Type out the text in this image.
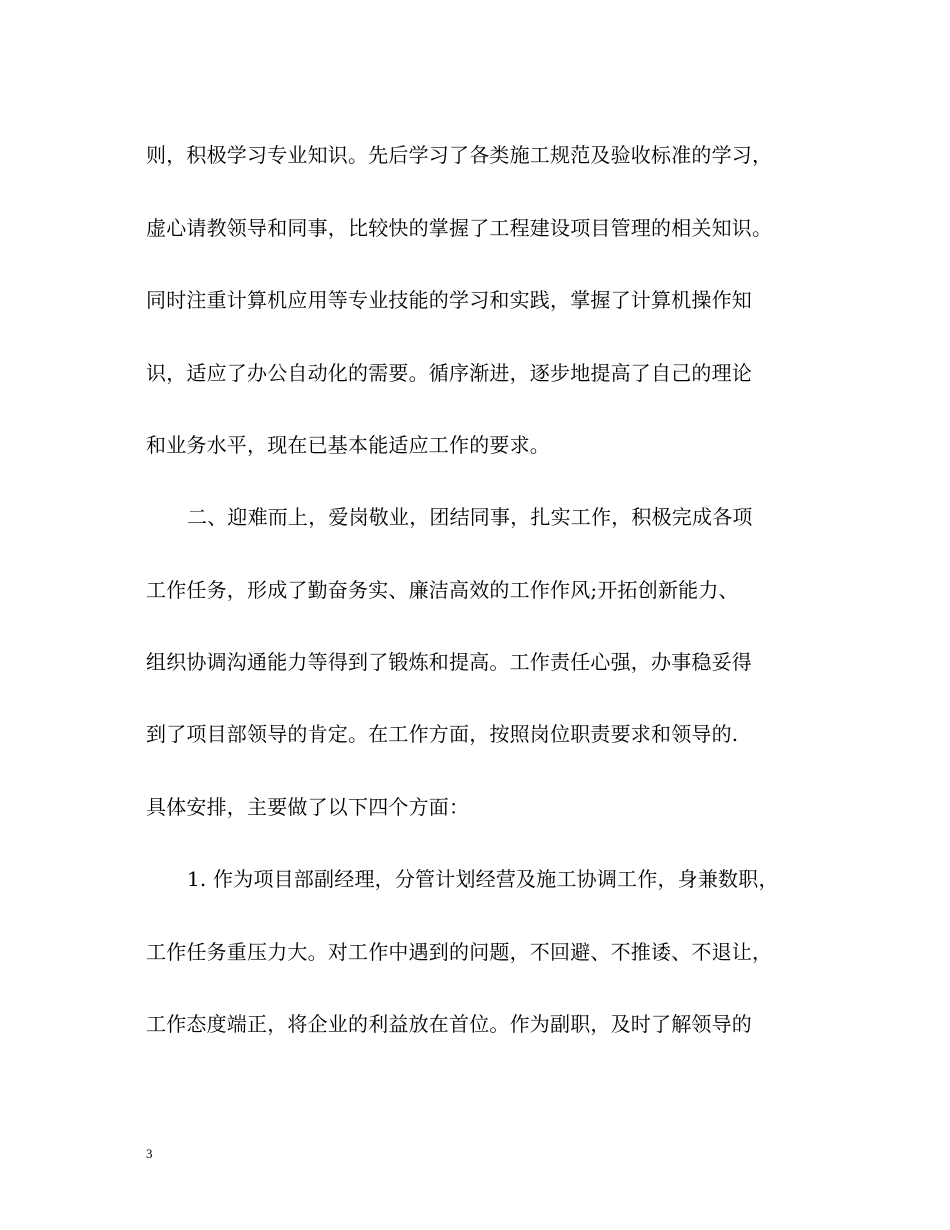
则，积极学习专业知识。先后学习了各类施工规范及验收标准的学习，
虚心请教领导和同事，比较快的掌握了工程建设项目管理的相关知识。
同时注重计算机应用等专业技能的学习和实践，掌握了计算机操作知
识，适应了办公自动化的需要。循序渐进，逐步地提高了自己的理论
和业务水平，现在已基本能适应工作的要求。
二、迎难而上，爱岗敬业，团结同事，扎实工作，积极完成各项
工作任务，形成了勤奋务实、廉洁高效的工作作风;开拓创新能力、
组织协调沟通能力等得到了锻炼和提高。工作责任心强，办事稳妥得
到了项目部领导的肯定。在工作方面，按照岗位职责要求和领导的.
具体安排，主要做了以下四个方面：
1. 作为项目部副经理，分管计划经营及施工协调工作，身兼数职，
工作任务重压力大。对工作中遇到的问题，不回避、不推诿、不退让，
工作态度端正，将企业的利益放在首位。作为副职，及时了解领导的
3
